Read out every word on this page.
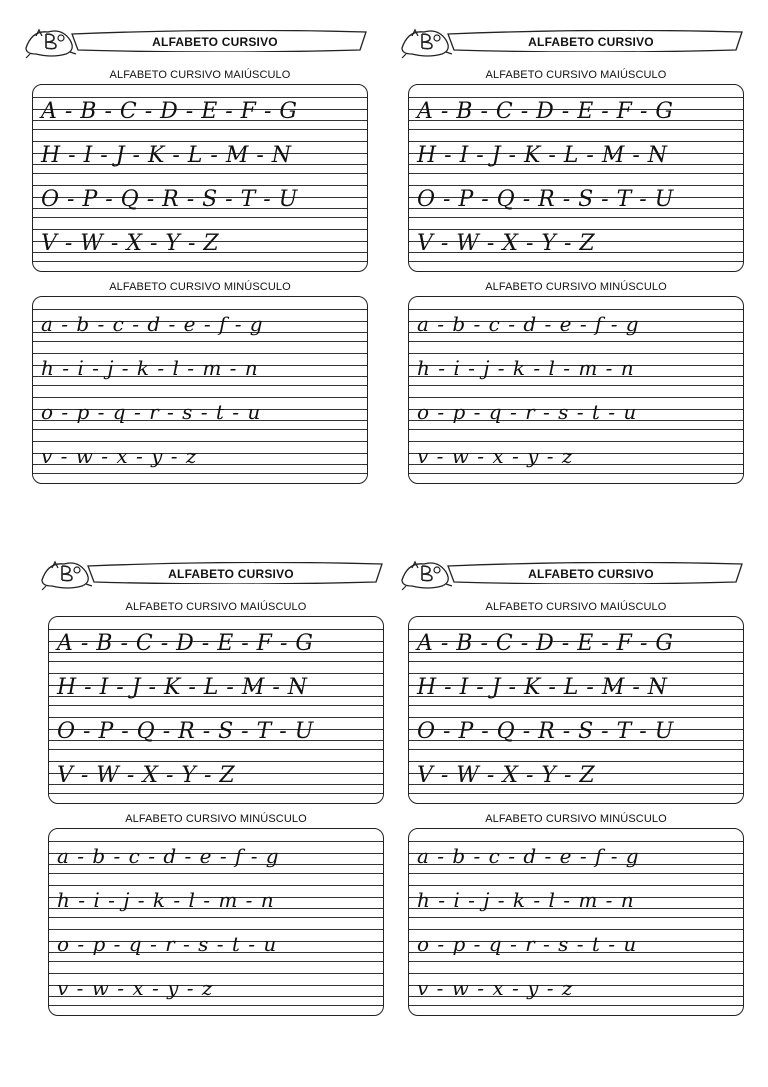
ALFABETO CURSIVO
ALFABETO CURSIVO MAIÚSCULO
A - B - C - D - E - F - G
H - I - J - K - L - M - N
O - P - Q - R - S - T - U
V - W - X - Y - Z
ALFABETO CURSIVO MINÚSCULO
a - b - c - d - e - f - g
h - i - j - k - l - m - n
o - p - q - r - s - t - u
v - w - x - y - z
ALFABETO CURSIVO
ALFABETO CURSIVO MAIÚSCULO
A - B - C - D - E - F - G
H - I - J - K - L - M - N
O - P - Q - R - S - T - U
V - W - X - Y - Z
ALFABETO CURSIVO MINÚSCULO
a - b - c - d - e - f - g
h - i - j - k - l - m - n
o - p - q - r - s - t - u
v - w - x - y - z
ALFABETO CURSIVO
ALFABETO CURSIVO MAIÚSCULO
A - B - C - D - E - F - G
H - I - J - K - L - M - N
O - P - Q - R - S - T - U
V - W - X - Y - Z
ALFABETO CURSIVO MINÚSCULO
a - b - c - d - e - f - g
h - i - j - k - l - m - n
o - p - q - r - s - t - u
v - w - x - y - z
ALFABETO CURSIVO
ALFABETO CURSIVO MAIÚSCULO
A - B - C - D - E - F - G
H - I - J - K - L - M - N
O - P - Q - R - S - T - U
V - W - X - Y - Z
ALFABETO CURSIVO MINÚSCULO
a - b - c - d - e - f - g
h - i - j - k - l - m - n
o - p - q - r - s - t - u
v - w - x - y - z
